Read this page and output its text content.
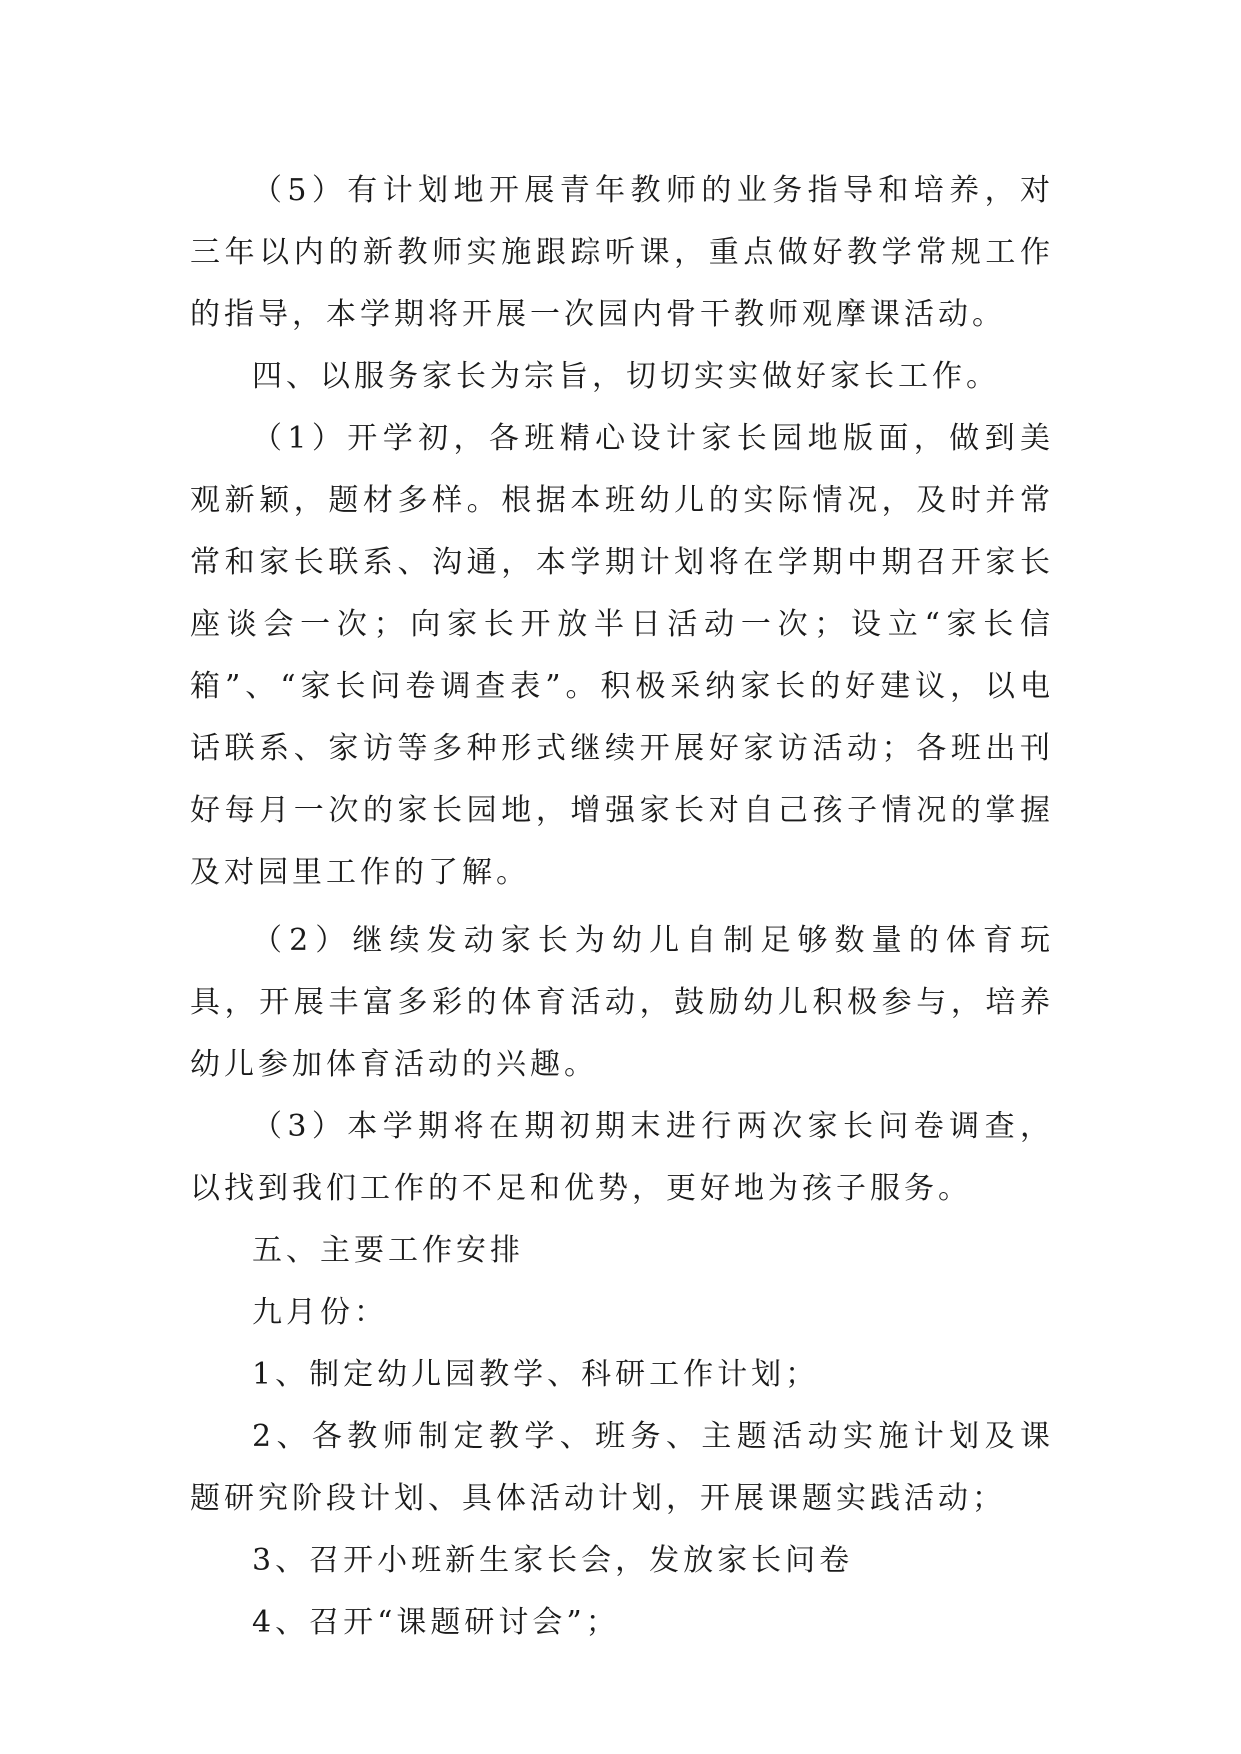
（5）有计划地开展青年教师的业务指导和培养，对三年以内的新教师实施跟踪听课，重点做好教学常规工作的指导，本学期将开展一次园内骨干教师观摩课活动。

四、以服务家长为宗旨，切切实实做好家长工作。

（1）开学初，各班精心设计家长园地版面，做到美观新颖，题材多样。根据本班幼儿的实际情况，及时并常常和家长联系、沟通，本学期计划将在学期中期召开家长座谈会一次；向家长开放半日活动一次；设立“家长信箱”、“家长问卷调查表”。积极采纳家长的好建议，以电话联系、家访等多种形式继续开展好家访活动；各班出刊好每月一次的家长园地，增强家长对自己孩子情况的掌握及对园里工作的了解。

（2）继续发动家长为幼儿自制足够数量的体育玩具，开展丰富多彩的体育活动，鼓励幼儿积极参与，培养幼儿参加体育活动的兴趣。

（3）本学期将在期初期末进行两次家长问卷调查，以找到我们工作的不足和优势，更好地为孩子服务。

五、主要工作安排

九月份：

1、制定幼儿园教学、科研工作计划；

2、各教师制定教学、班务、主题活动实施计划及课题研究阶段计划、具体活动计划，开展课题实践活动；

3、召开小班新生家长会，发放家长问卷

4、召开“课题研讨会”；
